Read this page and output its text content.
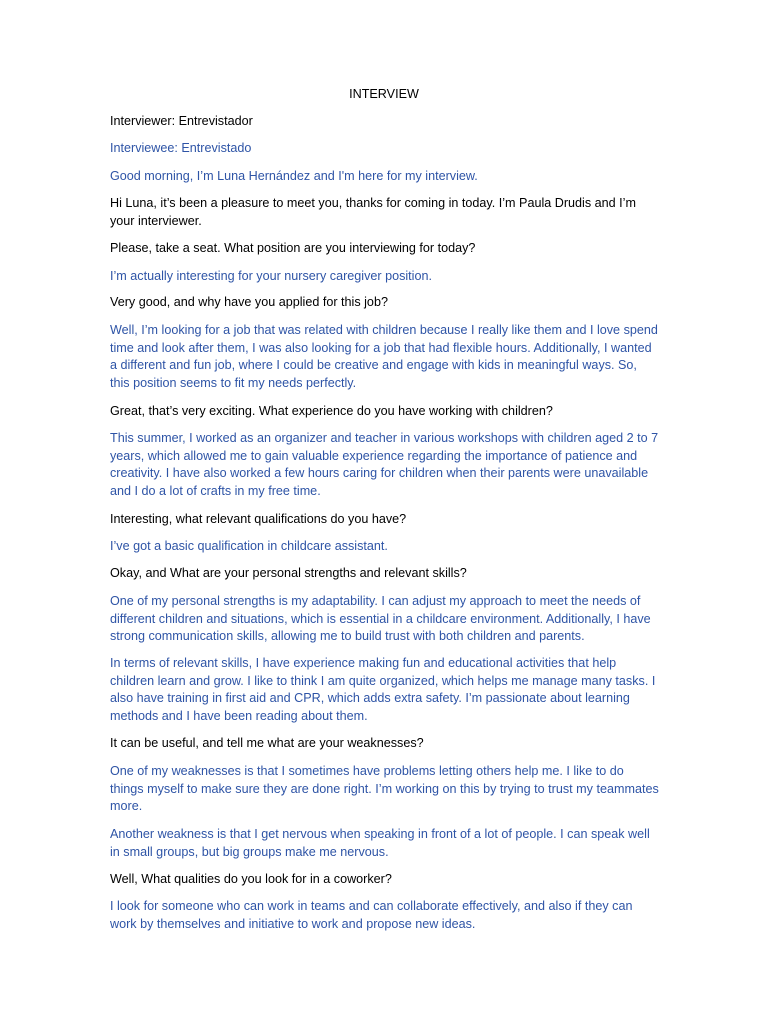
INTERVIEW

Interviewer: Entrevistador

Interviewee: Entrevistado

Good morning, I’m Luna Hernández and I'm here for my interview.

Hi Luna, it’s been a pleasure to meet you, thanks for coming in today. I’m Paula Drudis and I’m your interviewer.

Please, take a seat. What position are you interviewing for today?

I’m actually interesting for your nursery caregiver position.

Very good, and why have you applied for this job?

Well, I’m looking for a job that was related with children because I really like them and I love spend time and look after them, I was also looking for a job that had flexible hours. Additionally, I wanted a different and fun job, where I could be creative and engage with kids in meaningful ways. So, this position seems to fit my needs perfectly.

Great, that’s very exciting. What experience do you have working with children?

This summer, I worked as an organizer and teacher in various workshops with children aged 2 to 7 years, which allowed me to gain valuable experience regarding the importance of patience and creativity. I have also worked a few hours caring for children when their parents were unavailable and I do a lot of crafts in my free time.

Interesting, what relevant qualifications do you have?

I’ve got a basic qualification in childcare assistant.

Okay, and What are your personal strengths and relevant skills?

One of my personal strengths is my adaptability. I can adjust my approach to meet the needs of different children and situations, which is essential in a childcare environment. Additionally, I have strong communication skills, allowing me to build trust with both children and parents.

In terms of relevant skills, I have experience making fun and educational activities that help children learn and grow. I like to think I am quite organized, which helps me manage many tasks. I also have training in first aid and CPR, which adds extra safety. I’m passionate about learning methods and I have been reading about them.

It can be useful, and tell me what are your weaknesses?

One of my weaknesses is that I sometimes have problems letting others help me. I like to do things myself to make sure they are done right. I’m working on this by trying to trust my teammates more.

Another weakness is that I get nervous when speaking in front of a lot of people. I can speak well in small groups, but big groups make me nervous.

Well, What qualities do you look for in a coworker?

I look for someone who can work in teams and can collaborate effectively, and also if they can work by themselves and initiative to work and propose new ideas.
